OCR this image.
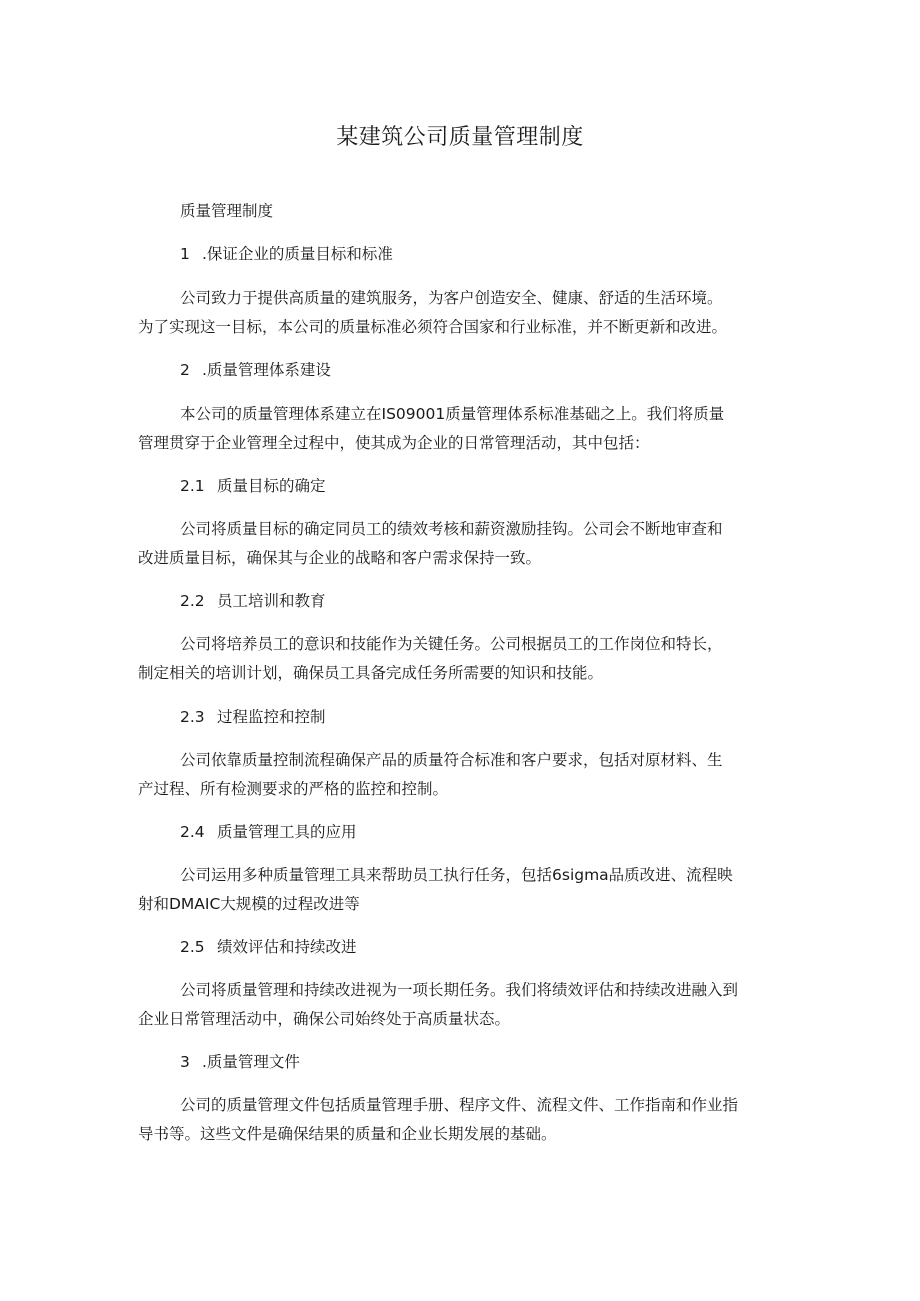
某建筑公司质量管理制度
质量管理制度
1 .保证企业的质量目标和标准
公司致力于提供高质量的建筑服务，为客户创造安全、健康、舒适的生活环境。
为了实现这一目标，本公司的质量标准必须符合国家和行业标准，并不断更新和改进。
2 .质量管理体系建设
本公司的质量管理体系建立在IS09001质量管理体系标准基础之上。我们将质量
管理贯穿于企业管理全过程中，使其成为企业的日常管理活动，其中包括：
2.1 质量目标的确定
公司将质量目标的确定同员工的绩效考核和薪资激励挂钩。公司会不断地审查和
改进质量目标，确保其与企业的战略和客户需求保持一致。
2.2 员工培训和教育
公司将培养员工的意识和技能作为关键任务。公司根据员工的工作岗位和特长，
制定相关的培训计划，确保员工具备完成任务所需要的知识和技能。
2.3 过程监控和控制
公司依靠质量控制流程确保产品的质量符合标准和客户要求，包括对原材料、生
产过程、所有检测要求的严格的监控和控制。
2.4 质量管理工具的应用
公司运用多种质量管理工具来帮助员工执行任务，包括6sigma品质改进、流程映
射和DMAIC大规模的过程改进等
2.5 绩效评估和持续改进
公司将质量管理和持续改进视为一项长期任务。我们将绩效评估和持续改进融入到
企业日常管理活动中，确保公司始终处于高质量状态。
3 .质量管理文件
公司的质量管理文件包括质量管理手册、程序文件、流程文件、工作指南和作业指
导书等。这些文件是确保结果的质量和企业长期发展的基础。
